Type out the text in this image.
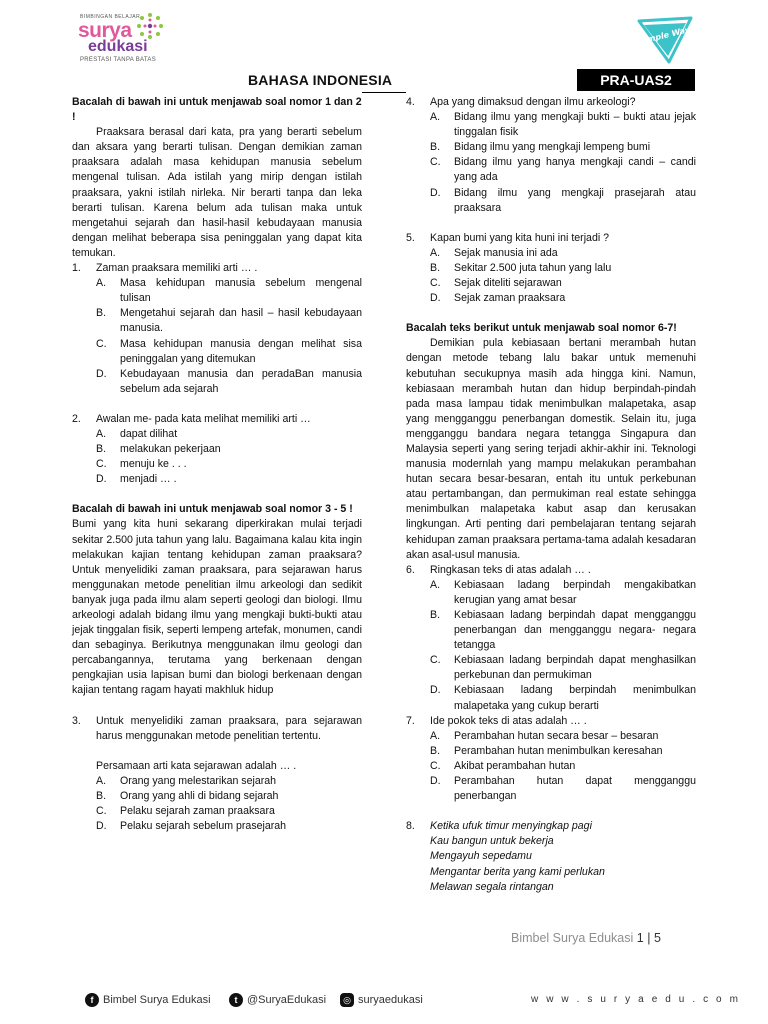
BIMBINGAN BELAJAR
surya
edukasi
PRESTASI TANPA BATAS
Simple Way
BAHASA INDONESIA	PRA-UAS2
Bacalah di bawah ini untuk menjawab soal nomor 1 dan 2 !
Praaksara berasal dari kata, pra yang berarti sebelum dan aksara yang berarti tulisan. Dengan demikian zaman praaksara adalah masa kehidupan manusia sebelum mengenal tulisan. Ada istilah yang mirip dengan istilah praaksara, yakni istilah nirleka. Nir berarti tanpa dan leka berarti tulisan. Karena belum ada tulisan maka untuk mengetahui sejarah dan hasil-hasil kebudayaan manusia dengan melihat beberapa sisa peninggalan yang dapat kita temukan.
1. Zaman praaksara memiliki arti … .
A. Masa kehidupan manusia sebelum mengenal tulisan
B. Mengetahui sejarah dan hasil – hasil kebudayaan manusia.
C. Masa kehidupan manusia dengan melihat sisa peninggalan yang ditemukan
D. Kebudayaan manusia dan peradaBan manusia sebelum ada sejarah
2. Awalan me- pada kata melihat memiliki arti …
A. dapat dilihat
B. melakukan pekerjaan
C. menuju ke . . .
D. menjadi … .
Bacalah di bawah ini untuk menjawab soal nomor 3 - 5 !
Bumi yang kita huni sekarang diperkirakan mulai terjadi sekitar 2.500 juta tahun yang lalu. Bagaimana kalau kita ingin melakukan kajian tentang kehidupan zaman praaksara? Untuk menyelidiki zaman praaksara, para sejarawan harus menggunakan metode penelitian ilmu arkeologi dan sedikit banyak juga pada ilmu alam seperti geologi dan biologi. Ilmu arkeologi adalah bidang ilmu yang mengkaji bukti-bukti atau jejak tinggalan fisik, seperti lempeng artefak, monumen, candi dan sebaginya. Berikutnya menggunakan ilmu geologi dan percabangannya, terutama yang berkenaan dengan pengkajian usia lapisan bumi dan biologi berkenaan dengan kajian tentang ragam hayati makhluk hidup
3. Untuk menyelidiki zaman praaksara, para sejarawan harus menggunakan metode penelitian tertentu.
Persamaan arti kata sejarawan adalah … .
A. Orang yang melestarikan sejarah
B. Orang yang ahli di bidang sejarah
C. Pelaku sejarah zaman praaksara
D. Pelaku sejarah sebelum prasejarah
4. Apa yang dimaksud dengan ilmu arkeologi?
A. Bidang ilmu yang mengkaji bukti – bukti atau jejak tinggalan fisik
B. Bidang ilmu yang mengkaji lempeng bumi
C. Bidang ilmu yang hanya mengkaji candi – candi yang ada
D. Bidang ilmu yang mengkaji prasejarah atau praaksara
5. Kapan bumi yang kita huni ini terjadi ?
A. Sejak manusia ini ada
B. Sekitar 2.500 juta tahun yang lalu
C. Sejak diteliti sejarawan
D. Sejak zaman praaksara
Bacalah teks berikut untuk menjawab soal nomor 6-7!
Demikian pula kebiasaan bertani merambah hutan dengan metode tebang lalu bakar untuk memenuhi kebutuhan secukupnya masih ada hingga kini. Namun, kebiasaan merambah hutan dan hidup berpindah-pindah pada masa lampau tidak menimbulkan malapetaka, asap yang mengganggu penerbangan domestik. Selain itu, juga mengganggu bandara negara tetangga Singapura dan Malaysia seperti yang sering terjadi akhir-akhir ini. Teknologi manusia modernlah yang mampu melakukan perambahan hutan secara besar-besaran, entah itu untuk perkebunan atau pertambangan, dan permukiman real estate sehingga menimbulkan malapetaka kabut asap dan kerusakan lingkungan. Arti penting dari pembelajaran tentang sejarah kehidupan zaman praaksara pertama-tama adalah kesadaran akan asal-usul manusia.
6. Ringkasan teks di atas adalah … .
A. Kebiasaan ladang berpindah mengakibatkan kerugian yang amat besar
B. Kebiasaan ladang berpindah dapat mengganggu penerbangan dan mengganggu negara- negara tetangga
C. Kebiasaan ladang berpindah dapat menghasilkan perkebunan dan permukiman
D. Kebiasaan ladang berpindah menimbulkan malapetaka yang cukup berarti
7. Ide pokok teks di atas adalah … .
A. Perambahan hutan secara besar – besaran
B. Perambahan hutan menimbulkan keresahan
C. Akibat perambahan hutan
D. Perambahan hutan dapat mengganggu penerbangan
8. Ketika ufuk timur menyingkap pagi
Kau bangun untuk bekerja
Mengayuh sepedamu
Mengantar berita yang kami perlukan
Melawan segala rintangan
Bimbel Surya Edukasi 1 | 5
f Bimbel Surya Edukasi	t @SuryaEdukasi	◎ suryaedukasi	w w w . s u r y a e d u . c o m
